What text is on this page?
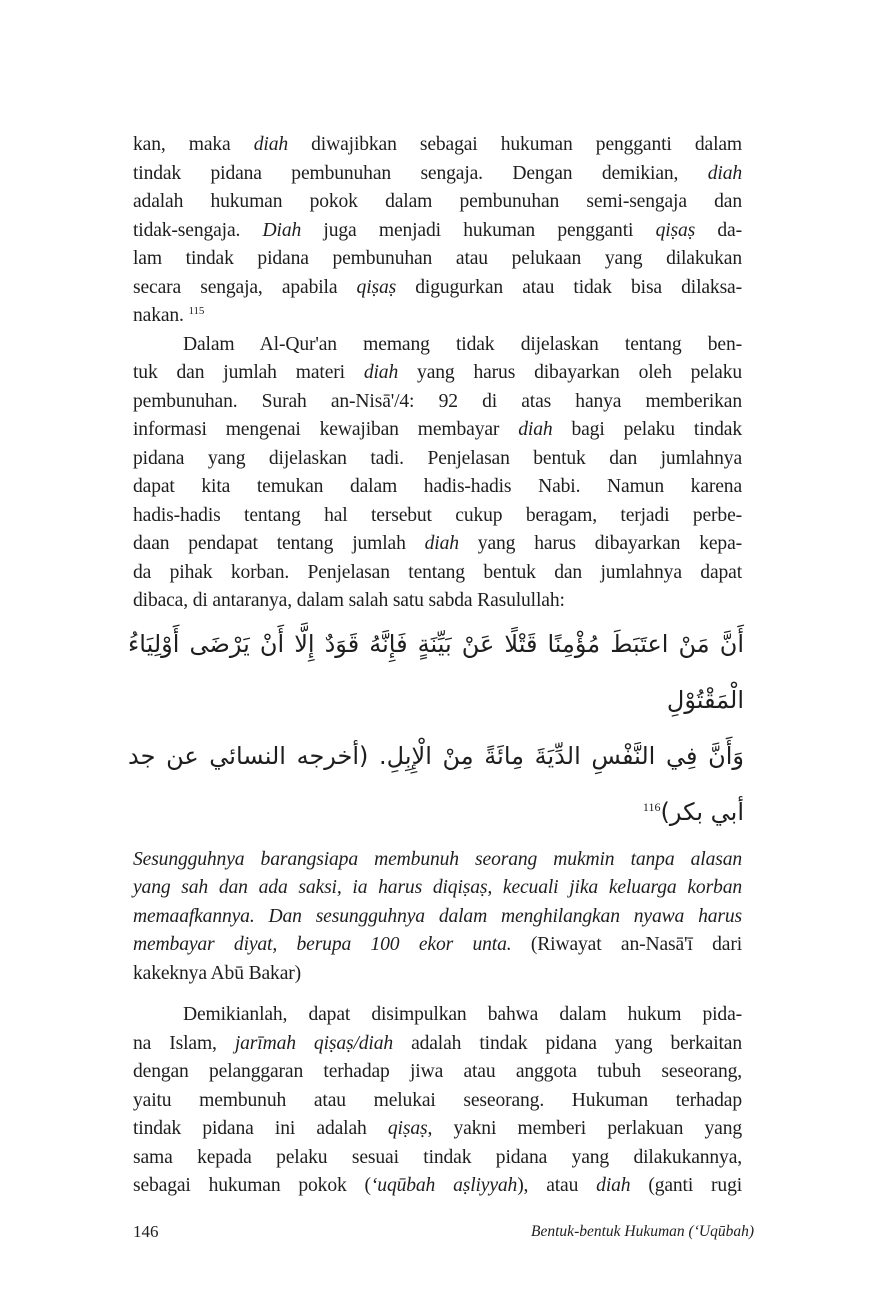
kan, maka diah diwajibkan sebagai hukuman pengganti dalam
tindak pidana pembunuhan sengaja. Dengan demikian, diah
adalah hukuman pokok dalam pembunuhan semi-sengaja dan
tidak-sengaja. Diah juga menjadi hukuman pengganti qiṣaṣ da-
lam tindak pidana pembunuhan atau pelukaan yang dilakukan
secara sengaja, apabila qiṣaṣ digugurkan atau tidak bisa dilaksa-
nakan. $^{115}$
Dalam Al-Qur'an memang tidak dijelaskan tentang ben-
tuk dan jumlah materi diah yang harus dibayarkan oleh pelaku
pembunuhan. Surah an-Nisā'/4: 92 di atas hanya memberikan
informasi mengenai kewajiban membayar diah bagi pelaku tindak
pidana yang dijelaskan tadi. Penjelasan bentuk dan jumlahnya
dapat kita temukan dalam hadis-hadis Nabi. Namun karena
hadis-hadis tentang hal tersebut cukup beragam, terjadi perbe-
daan pendapat tentang jumlah diah yang harus dibayarkan kepa-
da pihak korban. Penjelasan tentang bentuk dan jumlahnya dapat
dibaca, di antaranya, dalam salah satu sabda Rasulullah:
أَنَّ مَنْ اعتَبَطَ مُؤْمِنًا قَتْلًا عَنْ بَيِّنَةٍ فَإِنَّهُ قَوَدٌ إِلَّا أَنْ يَرْضَى أَوْلِيَاءُ الْمَقْتُوْلِ
وَأَنَّ فِي النَّفْسِ الدِّيَةَ مِائَةً مِنْ الْإِبِلِ. (أخرجه النسائي عن جد أبي بكر)$^{116}$
Sesungguhnya barangsiapa membunuh seorang mukmin tanpa alasan
yang sah dan ada saksi, ia harus diqiṣaṣ, kecuali jika keluarga korban
memaafkannya. Dan sesungguhnya dalam menghilangkan nyawa harus
membayar diyat, berupa 100 ekor unta. (Riwayat an-Nasā'ī dari
kakeknya Abū Bakar)
Demikianlah, dapat disimpulkan bahwa dalam hukum pida-
na Islam, jarīmah qiṣaṣ/diah adalah tindak pidana yang berkaitan
dengan pelanggaran terhadap jiwa atau anggota tubuh seseorang,
yaitu membunuh atau melukai seseorang. Hukuman terhadap
tindak pidana ini adalah qiṣaṣ, yakni memberi perlakuan yang
sama kepada pelaku sesuai tindak pidana yang dilakukannya,
sebagai hukuman pokok (‘uqūbah aṣliyyah), atau diah (ganti rugi
146	Bentuk-bentuk Hukuman (‘Uqūbah)
